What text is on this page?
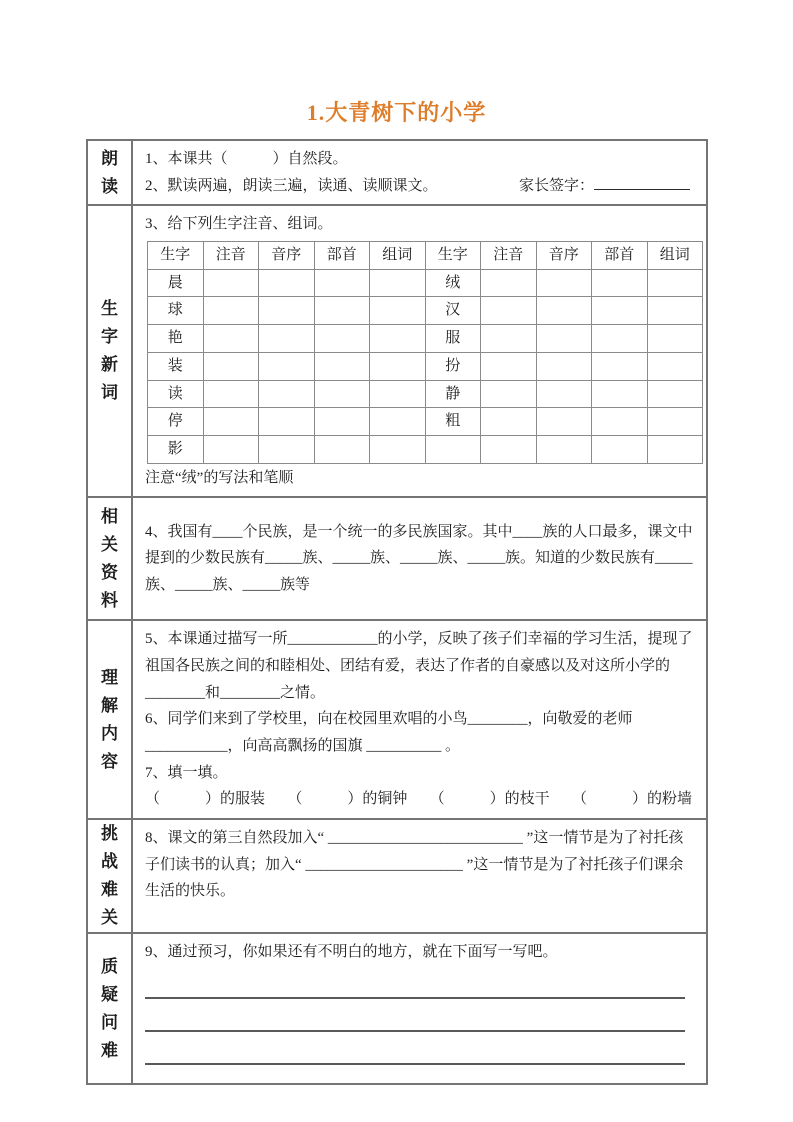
1.大青树下的小学
朗读

1、本课共（　　　）自然段。

2、默读两遍，朗读三遍，读通、读顺课文。	家长签字：
生字新词

3、给下列生字注音、组词。

生字	注音	音序	部首	组词	生字	注音	音序	部首	组词
晨					绒				
球					汉				
艳					服				
装					扮				
读					静				
停					粗				
影									

注意“绒”的写法和笔顺

相关资料

4、我国有____个民族，是一个统一的多民族国家。其中____族的人口最多，课文中提到的少数民族有_____族、_____族、_____族、_____族。知道的少数民族有_____族、_____族、_____族等

理解内容

5、本课通过描写一所____________的小学，反映了孩子们幸福的学习生活，提现了祖国各民族之间的和睦相处、团结有爱，表达了作者的自豪感以及对这所小学的________和________之情。

6、同学们来到了学校里，向在校园里欢唱的小鸟________，向敬爱的老师___________，向高高飘扬的国旗 __________ 。

7、填一填。

（　　　）的服装 （　　　）的铜钟 （　　　）的枝干 （　　　）的粉墙
挑战难关

8、课文的第三自然段加入“ __________________________ ”这一情节是为了衬托孩子们读书的认真；加入“ _____________________ ”这一情节是为了衬托孩子们课余生活的快乐。

质疑问难

9、通过预习，你如果还有不明白的地方，就在下面写一写吧。
